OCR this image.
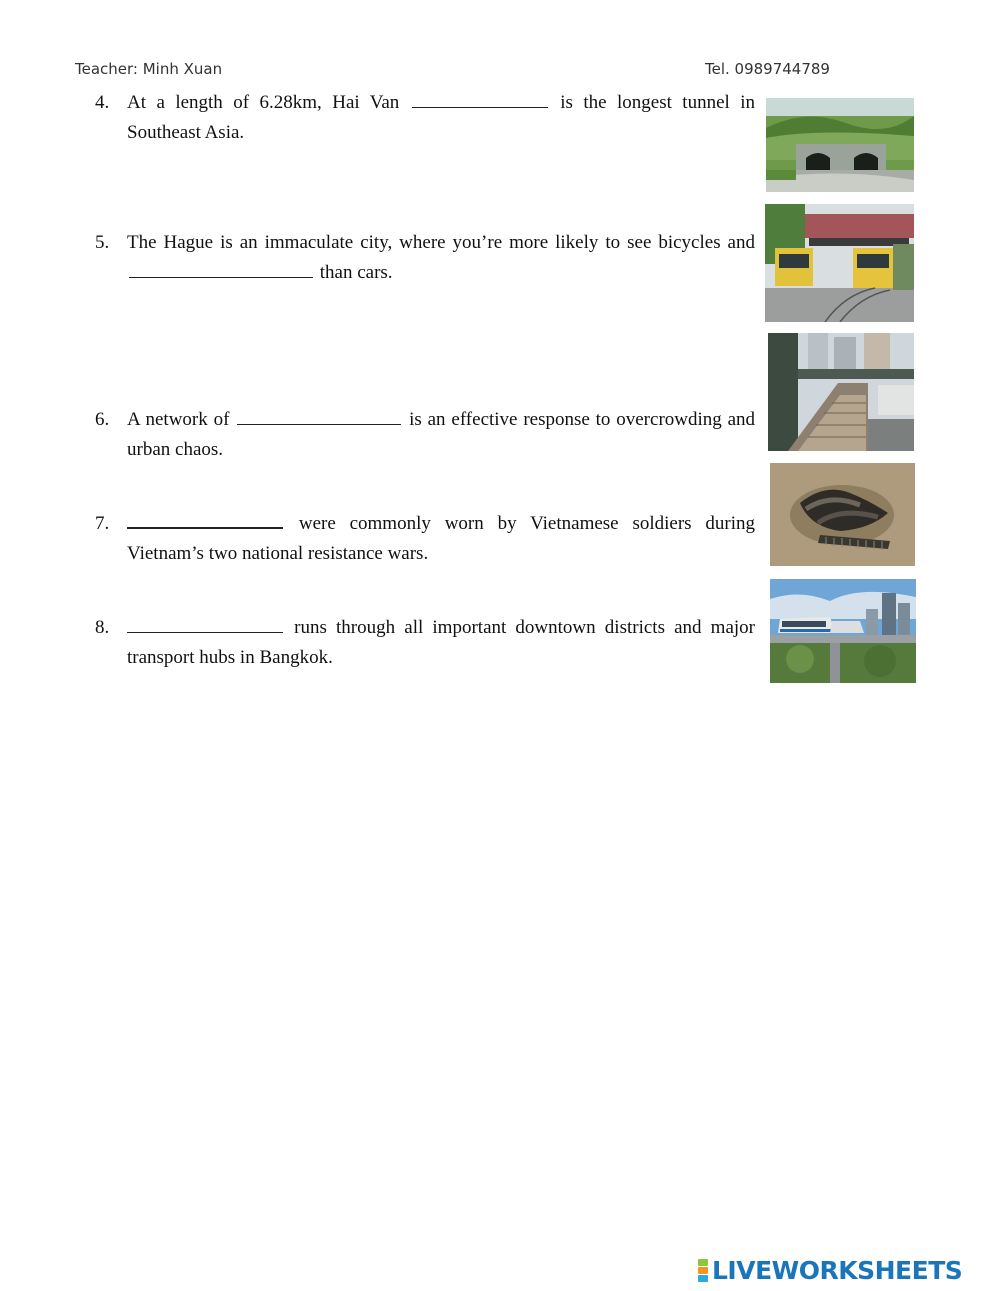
Teacher: Minh Xuan	Tel. 0989744789
4. At a length of 6.28km, Hai Van	is the longest tunnel in Southeast Asia.
5. The Hague is an immaculate city, where you’re more likely to see bicycles and  than cars.
6. A network of	is an effective response to overcrowding and urban chaos.
7.	were commonly worn by Vietnamese soldiers during Vietnam’s two national resistance wars.
8.	runs through all important downtown districts and major transport hubs in Bangkok.
LIVEWORKSHEETS
